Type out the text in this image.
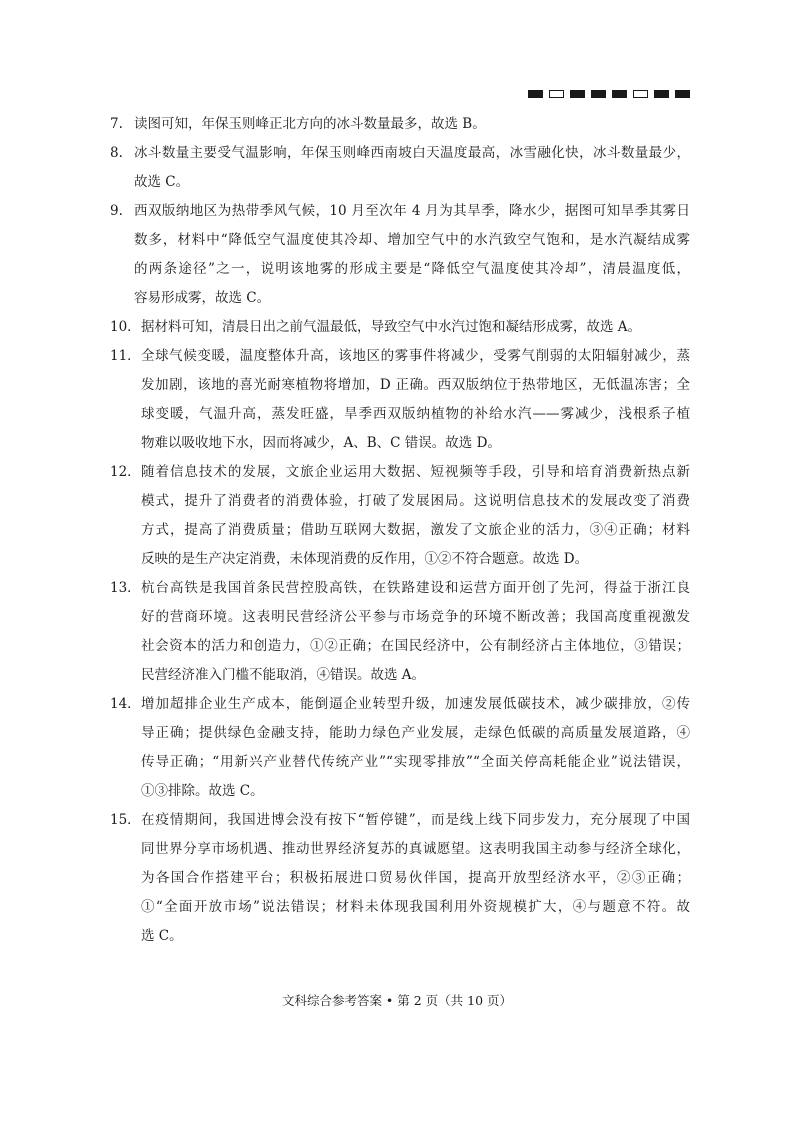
7. 读图可知，年保玉则峰正北方向的冰斗数量最多，故选 B。
8. 冰斗数量主要受气温影响，年保玉则峰西南坡白天温度最高，冰雪融化快，冰斗数量最少，
故选 C。
9. 西双版纳地区为热带季风气候，10 月至次年 4 月为其旱季，降水少，据图可知旱季其雾日
数多，材料中“降低空气温度使其冷却、增加空气中的水汽致空气饱和，是水汽凝结成雾
的两条途径”之一，说明该地雾的形成主要是“降低空气温度使其冷却”，清晨温度低，
容易形成雾，故选 C。
10． 据材料可知，清晨日出之前气温最低，导致空气中水汽过饱和凝结形成雾，故选 A。
11． 全球气候变暖，温度整体升高，该地区的雾事件将减少，受雾气削弱的太阳辐射减少，蒸
发加剧，该地的喜光耐寒植物将增加，D 正确。西双版纳位于热带地区，无低温冻害；全
球变暖，气温升高，蒸发旺盛，旱季西双版纳植物的补给水汽——雾减少，浅根系子植
物难以吸收地下水，因而将减少，A、B、C 错误。故选 D。
12． 随着信息技术的发展，文旅企业运用大数据、短视频等手段，引导和培育消费新热点新
模式，提升了消费者的消费体验，打破了发展困局。这说明信息技术的发展改变了消费
方式，提高了消费质量；借助互联网大数据，激发了文旅企业的活力，③④正确；材料
反映的是生产决定消费，未体现消费的反作用，①②不符合题意。故选 D。
13． 杭台高铁是我国首条民营控股高铁，在铁路建设和运营方面开创了先河，得益于浙江良
好的营商环境。这表明民营经济公平参与市场竞争的环境不断改善；我国高度重视激发
社会资本的活力和创造力，①②正确；在国民经济中，公有制经济占主体地位，③错误；
民营经济准入门槛不能取消，④错误。故选 A。
14． 增加超排企业生产成本，能倒逼企业转型升级，加速发展低碳技术，减少碳排放，②传
导正确；提供绿色金融支持，能助力绿色产业发展，走绿色低碳的高质量发展道路，④
传导正确；“用新兴产业替代传统产业”“实现零排放”“全面关停高耗能企业”说法错误，
①③排除。故选 C。
15． 在疫情期间，我国进博会没有按下“暂停键”，而是线上线下同步发力，充分展现了中国
同世界分享市场机遇、推动世界经济复苏的真诚愿望。这表明我国主动参与经济全球化，
为各国合作搭建平台；积极拓展进口贸易伙伴国，提高开放型经济水平，②③正确；
①“全面开放市场”说法错误；材料未体现我国利用外资规模扩大，④与题意不符。故
选 C。
文科综合参考答案 • 第 2 页（共 10 页）
